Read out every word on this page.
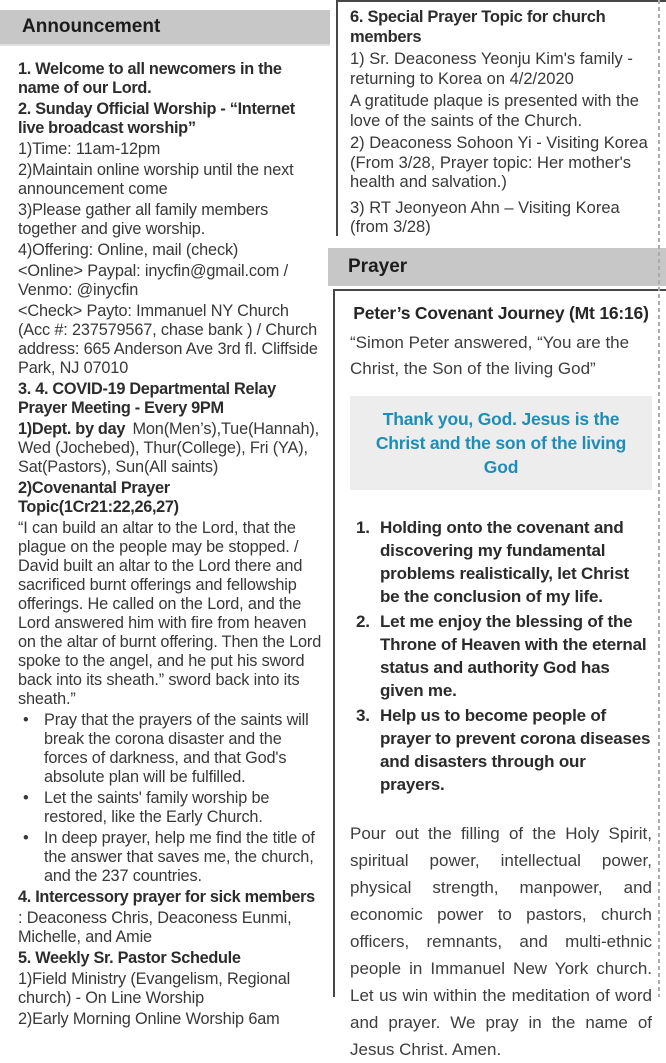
Announcement

1. Welcome to all newcomers in the name of our Lord.

2. Sunday Official Worship - “Internet live broadcast worship”

1)Time: 11am-12pm

2)Maintain online worship until the next announcement come

3)Please gather all family members together and give worship.

4)Offering: Online, mail (check)

<Online> Paypal: inycfin@gmail.com / Venmo: @inycfin

<Check> Payto: Immanuel NY Church (Acc #: 237579567, chase bank ) / Church address: 665 Anderson Ave 3rd fl. Cliffside Park, NJ 07010

3. 4. COVID-19 Departmental Relay Prayer Meeting - Every 9PM

1)Dept. by day Mon(Men’s),Tue(Hannah), Wed (Jochebed), Thur(College), Fri (YA), Sat(Pastors), Sun(All saints)

2)Covenantal Prayer Topic(1Cr21:22,26,27)

“I can build an altar to the Lord, that the plague on the people may be stopped. / David built an altar to the Lord there and sacrificed burnt offerings and fellowship offerings. He called on the Lord, and the Lord answered him with fire from heaven on the altar of burnt offering. Then the Lord spoke to the angel, and he put his sword back into its sheath.” sword back into its sheath.”

• Pray that the prayers of the saints will break the corona disaster and the forces of darkness, and that God's absolute plan will be fulfilled.
• Let the saints' family worship be restored, like the Early Church.
• In deep prayer, help me find the title of the answer that saves me, the church, and the 237 countries.

4. Intercessory prayer for sick members

: Deaconess Chris, Deaconess Eunmi, Michelle, and Amie

5. Weekly Sr. Pastor Schedule

1)Field Ministry (Evangelism, Regional church) - On Line Worship

2)Early Morning Online Worship 6am

6. Special Prayer Topic for church members

1) Sr. Deaconess Yeonju Kim's family - returning to Korea on 4/2/2020

A gratitude plaque is presented with the love of the saints of the Church.

2) Deaconess Sohoon Yi - Visiting Korea (From 3/28, Prayer topic: Her mother's health and salvation.)

3) RT Jeonyeon Ahn – Visiting Korea (from 3/28)

Prayer
Peter’s Covenant Journey (Mt 16:16)
“Simon Peter answered, “You are the Christ, the Son of the living God”
Thank you, God. Jesus is the Christ and the son of the living God
1. Holding onto the covenant and discovering my fundamental problems realistically, let Christ be the conclusion of my life.
2. Let me enjoy the blessing of the Throne of Heaven with the eternal status and authority God has given me.
3. Help us to become people of prayer to prevent corona diseases and disasters through our prayers.
Pour out the filling of the Holy Spirit, spiritual power, intellectual power, physical strength, manpower, and economic power to pastors, church officers, remnants, and multi-ethnic people in Immanuel New York church. Let us win within the meditation of word and prayer. We pray in the name of Jesus Christ. Amen.
